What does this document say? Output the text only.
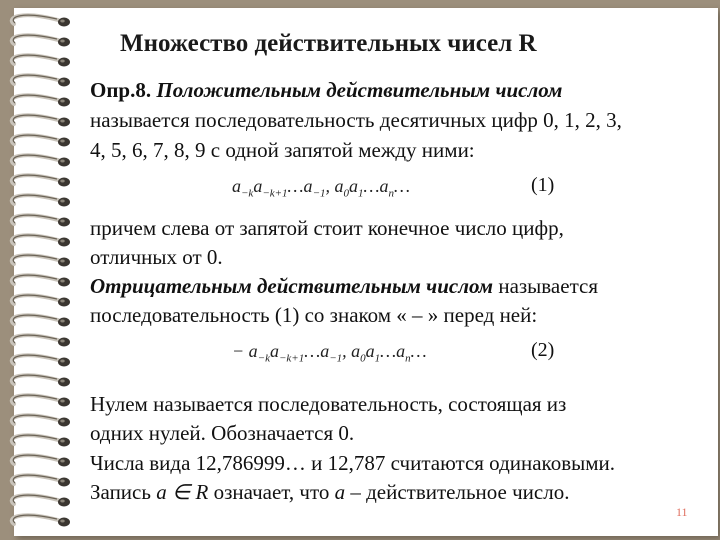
Множество действительных чисел R
Опр.8. Положительным действительным числом
называется последовательность десятичных цифр 0, 1, 2, 3,
4, 5, 6, 7, 8, 9 с одной запятой между ними:
$a_{-k}a_{-k+1}\dots a_{-1}$, $a_0a_1\dots a_n\dots$	(1)
причем слева от запятой стоит конечное число цифр,
отличных от 0.
Отрицательным действительным числом называется
последовательность (1) со знаком « – » перед ней:
− $a_{-k}a_{-k+1}\dots a_{-1}$, $a_0a_1\dots a_n\dots$	(2)
Нулем называется последовательность, состоящая из
одних нулей. Обозначается 0.
Числа вида 12,786999… и 12,787 считаются одинаковыми.
Запись a ∈ R означает, что a – действительное число.
11
